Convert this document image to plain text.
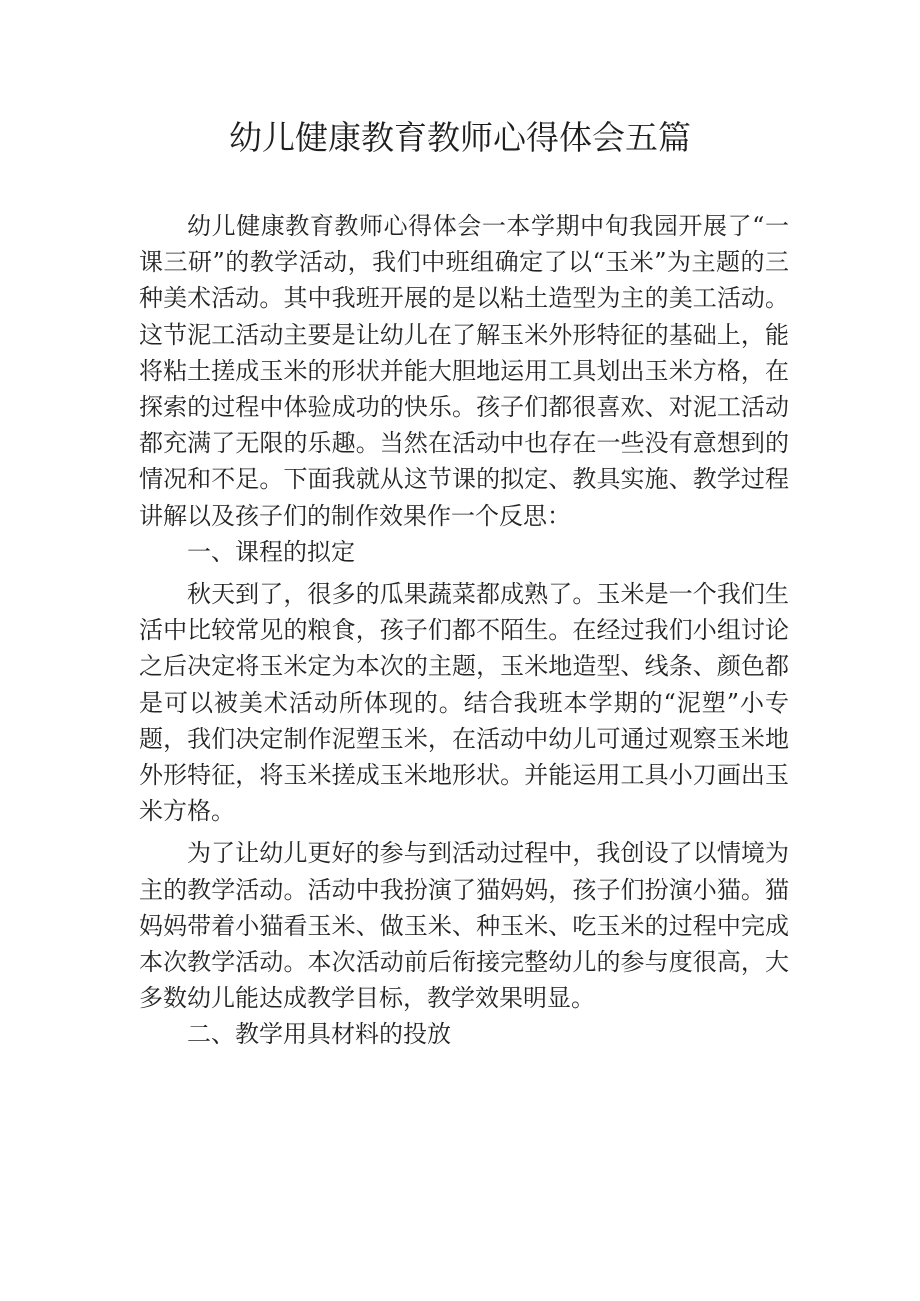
幼儿健康教育教师心得体会五篇

幼儿健康教育教师心得体会一本学期中旬我园开展了“一课三研”的教学活动，我们中班组确定了以“玉米”为主题的三种美术活动。其中我班开展的是以粘土造型为主的美工活动。这节泥工活动主要是让幼儿在了解玉米外形特征的基础上，能将粘土搓成玉米的形状并能大胆地运用工具划出玉米方格，在探索的过程中体验成功的快乐。孩子们都很喜欢、对泥工活动都充满了无限的乐趣。当然在活动中也存在一些没有意想到的情况和不足。下面我就从这节课的拟定、教具实施、教学过程讲解以及孩子们的制作效果作一个反思：

一、课程的拟定

秋天到了，很多的瓜果蔬菜都成熟了。玉米是一个我们生活中比较常见的粮食，孩子们都不陌生。在经过我们小组讨论之后决定将玉米定为本次的主题，玉米地造型、线条、颜色都是可以被美术活动所体现的。结合我班本学期的“泥塑”小专题，我们决定制作泥塑玉米，在活动中幼儿可通过观察玉米地外形特征，将玉米搓成玉米地形状。并能运用工具小刀画出玉米方格。

为了让幼儿更好的参与到活动过程中，我创设了以情境为主的教学活动。活动中我扮演了猫妈妈，孩子们扮演小猫。猫妈妈带着小猫看玉米、做玉米、种玉米、吃玉米的过程中完成本次教学活动。本次活动前后衔接完整幼儿的参与度很高，大多数幼儿能达成教学目标，教学效果明显。

二、教学用具材料的投放
